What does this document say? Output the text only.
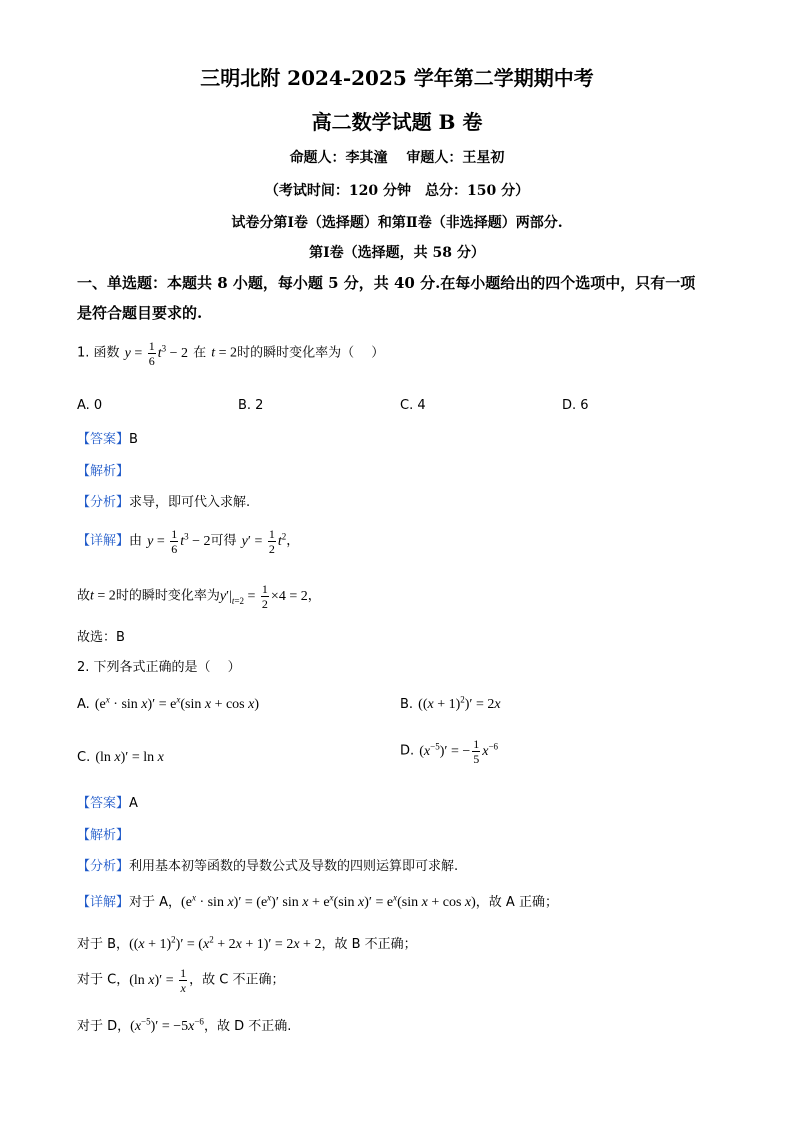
三明北附 2024-2025 学年第二学期期中考
高二数学试题 B 卷
命题人：李其潼　 审题人：王星初
（考试时间：120 分钟　总分：150 分）
试卷分第Ⅰ卷（选择题）和第Ⅱ卷（非选择题）两部分.
第Ⅰ卷（选择题，共 58 分）
一、单选题：本题共 8 小题，每小题 5 分，共 40 分.在每小题给出的四个选项中，只有一项
是符合题目要求的.
1. 函数 $y = \frac{1}{6} t^3 - 2$ 在 t = 2时的瞬时变化率为（　 ）
A. 0	B. 2	C. 4	D. 6
【答案】B
【解析】
【分析】求导，即可代入求解.
【详解】由 $y = \frac{1}{6} t^3 - 2$可得 $y' = \frac{1}{2} t^2$，
故t = 2时的瞬时变化率为$y'|_{t=2} = \frac{1}{2} \times 4 = 2$，
故选：B
2. 下列各式正确的是（　 ）
A. $(e^x \cdot \sin x)' = e^x(\sin$ x + cos x)	B. $((x + 1)^2)' = 2x$
C. (ln x)′ = ln x	D. $(x^{-5})'$ = − $\frac{1}{5} x^{-6}$
【答案】A
【解析】
【分析】利用基本初等函数的导数公式及导数的四则运算即可求解.
【详解】对于 A，$(e^x \cdot \sin x)' = (e^x)'$ $\sin x + e^x(\sin$ $x)' = e^x(\sin$ x + cos x)，故 A 正确；
对于 B，$((x + 1)^2)' = (x^2 + 2x + 1)' = 2x + 2$，故 B 不正确；
对于 C，(ln $x)' = \frac{1}{x}$ ，故 C 不正确；
对于 D，$(x^{-5})' = -5x^{-6}$，故 D 不正确.
